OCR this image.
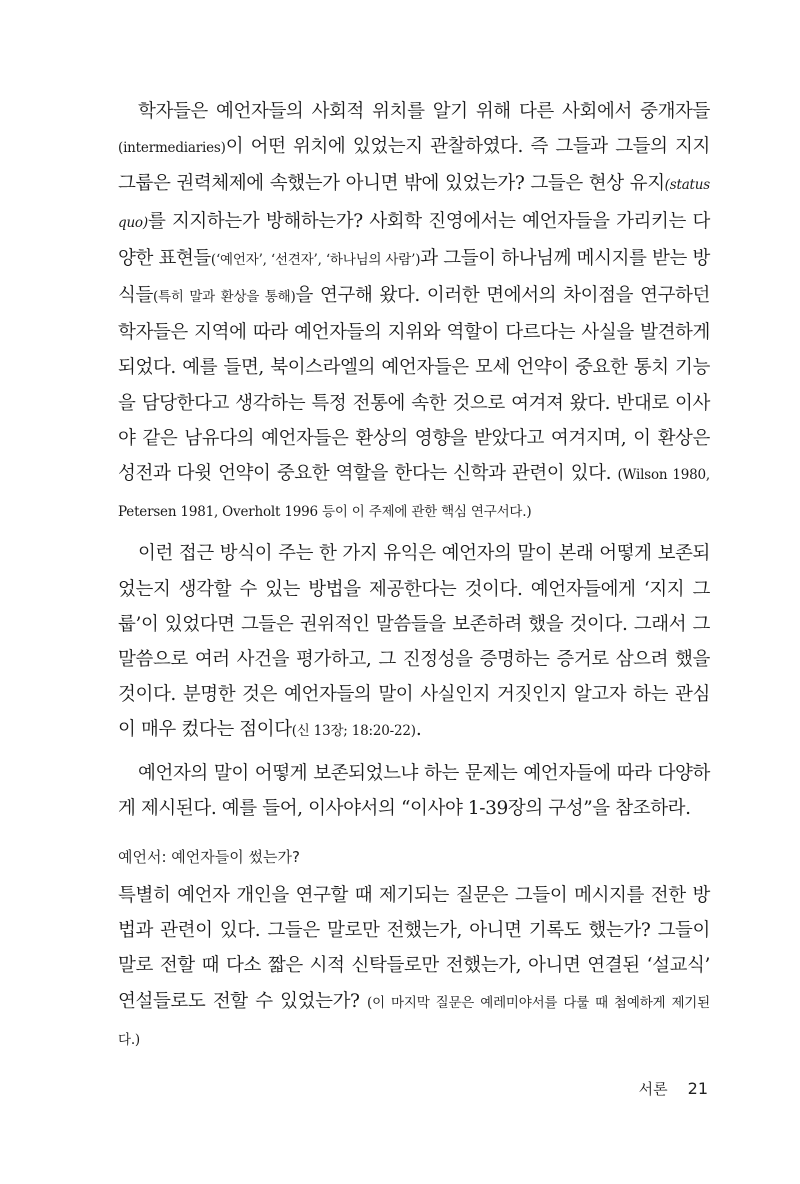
학자들은 예언자들의 사회적 위치를 알기 위해 다른 사회에서 중개자들(intermediaries)이 어떤 위치에 있었는지 관찰하였다. 즉 그들과 그들의 지지 그룹은 권력체제에 속했는가 아니면 밖에 있었는가? 그들은 현상 유지(status quo)를 지지하는가 방해하는가? 사회학 진영에서는 예언자들을 가리키는 다양한 표현들(‘예언자’, ‘선견자’, ‘하나님의 사람’)과 그들이 하나님께 메시지를 받는 방식들(특히 말과 환상을 통해)을 연구해 왔다. 이러한 면에서의 차이점을 연구하던 학자들은 지역에 따라 예언자들의 지위와 역할이 다르다는 사실을 발견하게 되었다. 예를 들면, 북이스라엘의 예언자들은 모세 언약이 중요한 통치 기능을 담당한다고 생각하는 특정 전통에 속한 것으로 여겨져 왔다. 반대로 이사야 같은 남유다의 예언자들은 환상의 영향을 받았다고 여겨지며, 이 환상은 성전과 다윗 언약이 중요한 역할을 한다는 신학과 관련이 있다. (Wilson 1980, Petersen 1981, Overholt 1996 등이 이 주제에 관한 핵심 연구서다.)

이런 접근 방식이 주는 한 가지 유익은 예언자의 말이 본래 어떻게 보존되었는지 생각할 수 있는 방법을 제공한다는 것이다. 예언자들에게 ‘지지 그룹’이 있었다면 그들은 권위적인 말씀들을 보존하려 했을 것이다. 그래서 그 말씀으로 여러 사건을 평가하고, 그 진정성을 증명하는 증거로 삼으려 했을 것이다. 분명한 것은 예언자들의 말이 사실인지 거짓인지 알고자 하는 관심이 매우 컸다는 점이다(신 13장; 18:20-22).

예언자의 말이 어떻게 보존되었느냐 하는 문제는 예언자들에 따라 다양하게 제시된다. 예를 들어, 이사야서의 “이사야 1-39장의 구성”을 참조하라.

예언서: 예언자들이 썼는가?

특별히 예언자 개인을 연구할 때 제기되는 질문은 그들이 메시지를 전한 방법과 관련이 있다. 그들은 말로만 전했는가, 아니면 기록도 했는가? 그들이 말로 전할 때 다소 짧은 시적 신탁들로만 전했는가, 아니면 연결된 ‘설교식’ 연설들로도 전할 수 있었는가? (이 마지막 질문은 예레미야서를 다룰 때 첨예하게 제기된다.)

서론 21
